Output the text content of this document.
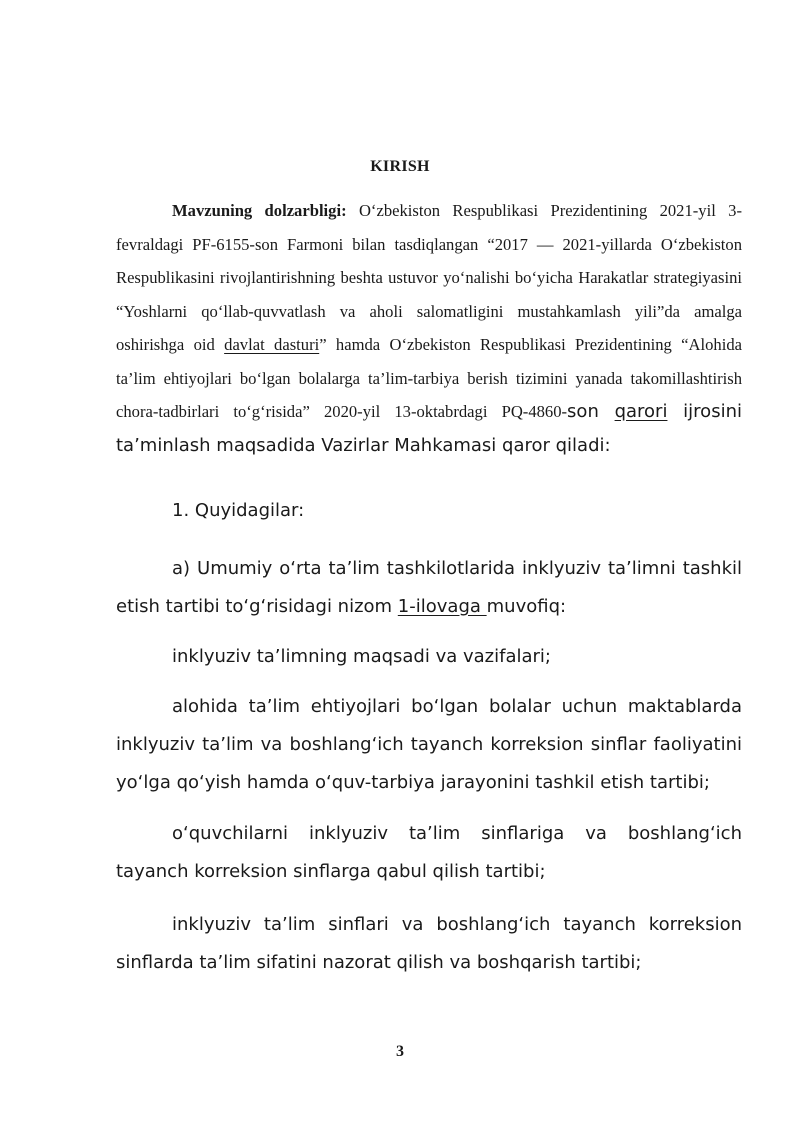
KIRISH
Mavzuning dolzarbligi: O‘zbekiston Respublikasi Prezidentining 2021-yil 3-fevraldagi PF-6155-son Farmoni bilan tasdiqlangan “2017 — 2021-yillarda O‘zbekiston Respublikasini rivojlantirishning beshta ustuvor yo‘nalishi bo‘yicha Harakatlar strategiyasini “Yoshlarni qo‘llab-quvvatlash va aholi salomatligini mustahkamlash yili”da amalga oshirishga oid davlat dasturi” hamda O‘zbekiston Respublikasi Prezidentining “Alohida ta’lim ehtiyojlari bo‘lgan bolalarga ta’lim-tarbiya berish tizimini yanada takomillashtirish chora-tadbirlari to‘g‘risida” 2020-yil 13-oktabrdagi PQ-4860-son qarori ijrosini ta’minlash maqsadida Vazirlar Mahkamasi qaror qiladi:

1. Quyidagilar:

a) Umumiy o‘rta ta’lim tashkilotlarida inklyuziv ta’limni tashkil etish tartibi to‘g‘risidagi nizom 1-ilovaga muvofiq:

inklyuziv ta’limning maqsadi va vazifalari;

alohida ta’lim ehtiyojlari bo‘lgan bolalar uchun maktablarda inklyuziv ta’lim va boshlang‘ich tayanch korreksion sinflar faoliyatini yo‘lga qo‘yish hamda o‘quv-tarbiya jarayonini tashkil etish tartibi;

o‘quvchilarni inklyuziv ta’lim sinflariga va boshlang‘ich tayanch korreksion sinflarga qabul qilish tartibi;

inklyuziv ta’lim sinflari va boshlang‘ich tayanch korreksion sinflarda ta’lim sifatini nazorat qilish va boshqarish tartibi;

3
